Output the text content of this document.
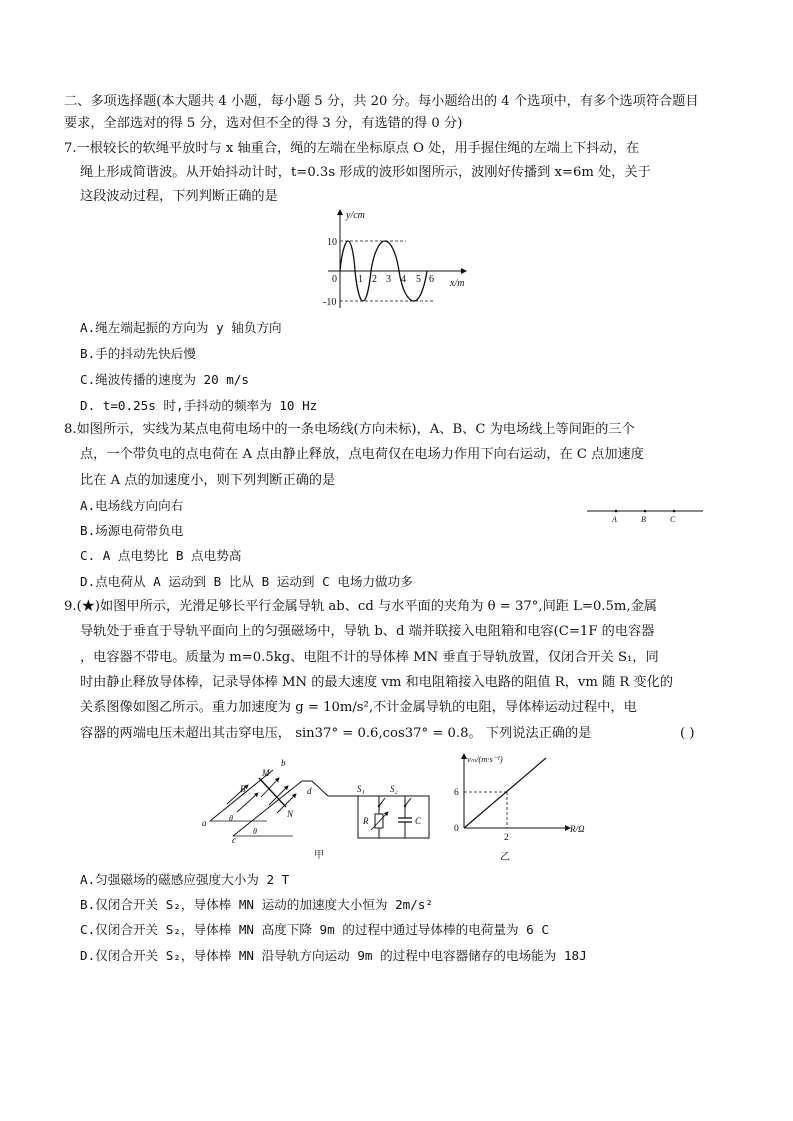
二、多项选择题(本大题共 4 小题，每小题 5 分，共 20 分。每小题给出的 4 个选项中，有多个选项符合题目
要求，全部选对的得 5 分，选对但不全的得 3 分，有选错的得 0 分)
7.一根较长的软绳平放时与 x 轴重合，绳的左端在坐标原点 O 处，用手握住绳的左端上下抖动，在
绳上形成简谐波。从开始抖动计时，t=0.3s 形成的波形如图所示，波刚好传播到 x=6m 处，关于
这段波动过程，下列判断正确的是
y/cm
10
0
-10
1 2 3 4 5 6 x/m
A.绳左端起振的方向为 y 轴负方向
B.手的抖动先快后慢
C.绳波传播的速度为 20 m/s
D. t=0.25s 时,手抖动的频率为 10 Hz
8.如图所示，实线为某点电荷电场中的一条电场线(方向未标)，A、B、C 为电场线上等间距的三个
点，一个带负电的点电荷在 A 点由静止释放，点电荷仅在电场力作用下向右运动，在 C 点加速度
比在 A 点的加速度小，则下列判断正确的是
A.电场线方向向右
A	B	C
B.场源电荷带负电
C. A 点电势比 B 点电势高
D.点电荷从 A 运动到 B 比从 B 运动到 C 电场力做功多
9.(★)如图甲所示，光滑足够长平行金属导轨 ab、cd 与水平面的夹角为 θ = 37°,间距 L=0.5m,金属
导轨处于垂直于导轨平面向上的匀强磁场中，导轨 b、d 端并联接入电阻箱和电容(C=1F 的电容器
，电容器不带电。质量为 m=0.5kg、电阻不计的导体棒 MN 垂直于导轨放置，仅闭合开关 S₁，同
时由静止释放导体棒，记录导体棒 MN 的最大速度 vm 和电阻箱接入电路的阻值 R，vm 随 R 变化的
关系图像如图乙所示。重力加速度为 g = 10m/s²,不计金属导轨的电阻，导体棒运动过程中，电
容器的两端电压未超出其击穿电压， sin37° = 0.6,cos37° = 0.8。 下列说法正确的是	( )
b
M
B
N
d
a	θ
c
θ
S₁	S₂
R	C
甲
vₘ/(m·s⁻¹)
6
0
2
R/Ω
乙
A.匀强磁场的磁感应强度大小为 2 T
B.仅闭合开关 S₂，导体棒 MN 运动的加速度大小恒为 2m/s²
C.仅闭合开关 S₂，导体棒 MN 高度下降 9m 的过程中通过导体棒的电荷量为 6 C
D.仅闭合开关 S₂，导体棒 MN 沿导轨方向运动 9m 的过程中电容器储存的电场能为 18J
